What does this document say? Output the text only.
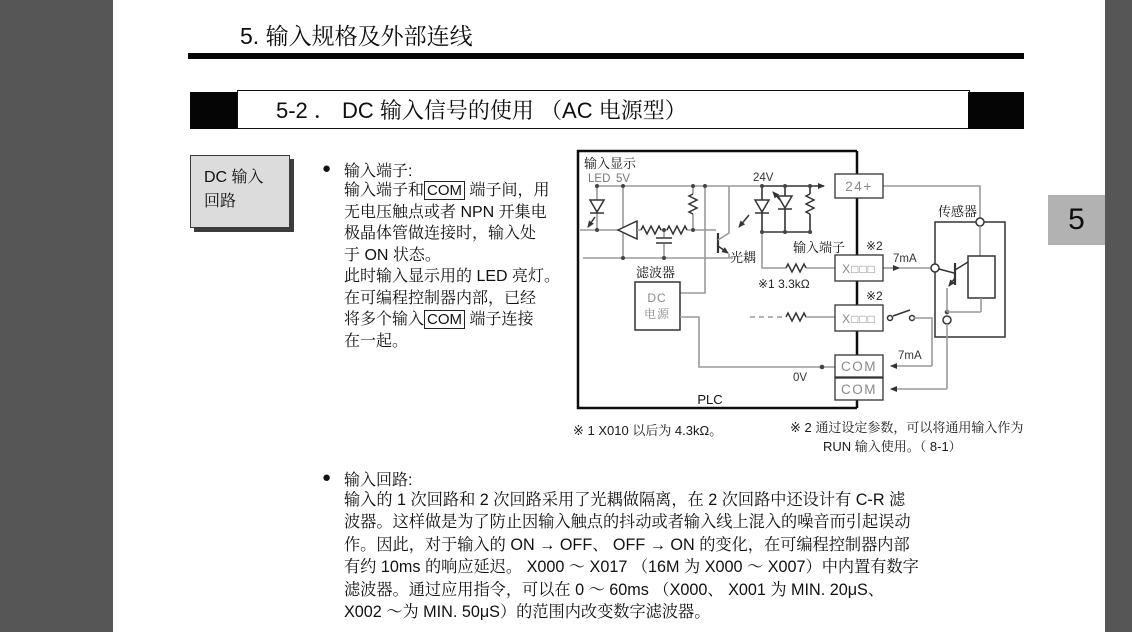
5. 输入规格及外部连线
5-2 ． DC 输入信号的使用 （AC 电源型）
5
DC 输入
回路
● 输入端子:
输入端子和 COM 端子间，用
无电压触点或者 NPN 开集电
极晶体管做连接时，输入处
于 ON 状态。
此时输入显示用的 LED 亮灯。
在可编程控制器内部，已经
将多个输入 COM 端子连接
在一起。
输入显示
LED 5V	24V
光耦
滤波器
DC
电源
输入端子
传感器
※1 3.3kΩ
※2
※2
7mA
7mA
0V
PLC
24+
X□□□
X□□□
COM
COM
※ 1 X010 以后为 4.3kΩ。	※ 2 通过设定参数，可以将通用输入作为
RUN 输入使用。（ 8-1）
● 输入回路:
输入的 1 次回路和 2 次回路采用了光耦做隔离，在 2 次回路中还设计有 C-R 滤
波器。这样做是为了防止因输入触点的抖动或者输入线上混入的噪音而引起误动
作。因此，对于输入的 ON → OFF、 OFF → ON 的变化，在可编程控制器内部
有约 10ms 的响应延迟。 X000 ～ X017 （16M 为 X000 ～ X007）中内置有数字
滤波器。通过应用指令，可以在 0 ～ 60ms （X000、 X001 为 MIN. 20μS、
X002 ～为 MIN. 50μS）的范围内改变数字滤波器。
